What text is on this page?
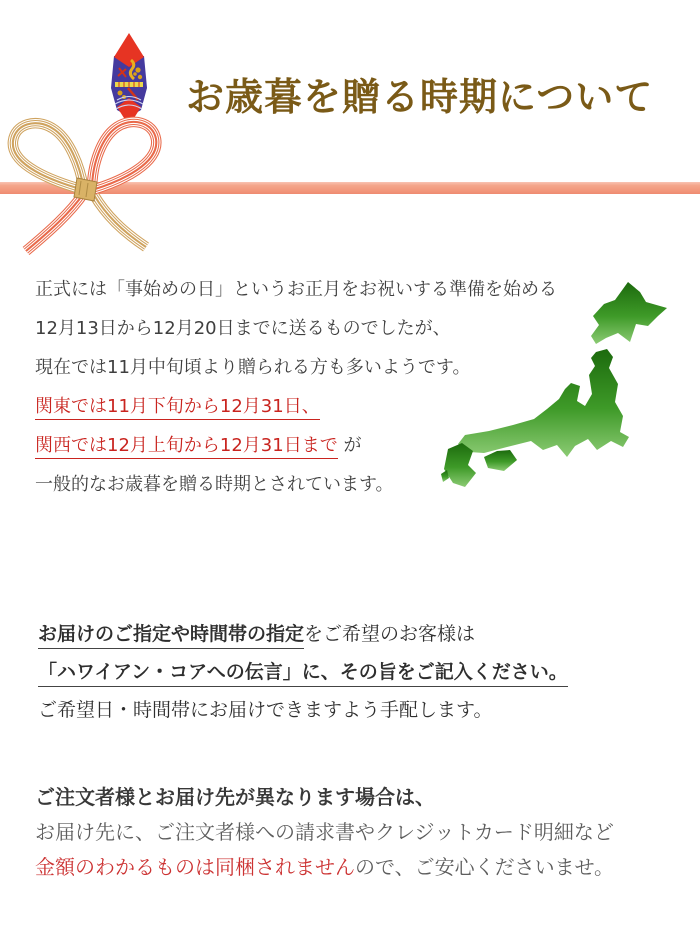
お歳暮を贈る時期について

正式には「事始めの日」というお正月をお祝いする準備を始める

12月13日から12月20日までに送るものでしたが、

現在では11月中旬頃より贈られる方も多いようです。

関東では11月下旬から12月31日、

関西では12月上旬から12月31日まで が

一般的なお歳暮を贈る時期とされています。

お届けのご指定や時間帯の指定をご希望のお客様は

「ハワイアン・コアへの伝言」に、その旨をご記入ください。

ご希望日・時間帯にお届けできますよう手配します。

ご注文者様とお届け先が異なります場合は、

お届け先に、ご注文者様への請求書やクレジットカード明細など

金額のわかるものは同梱されませんので、ご安心くださいませ。
